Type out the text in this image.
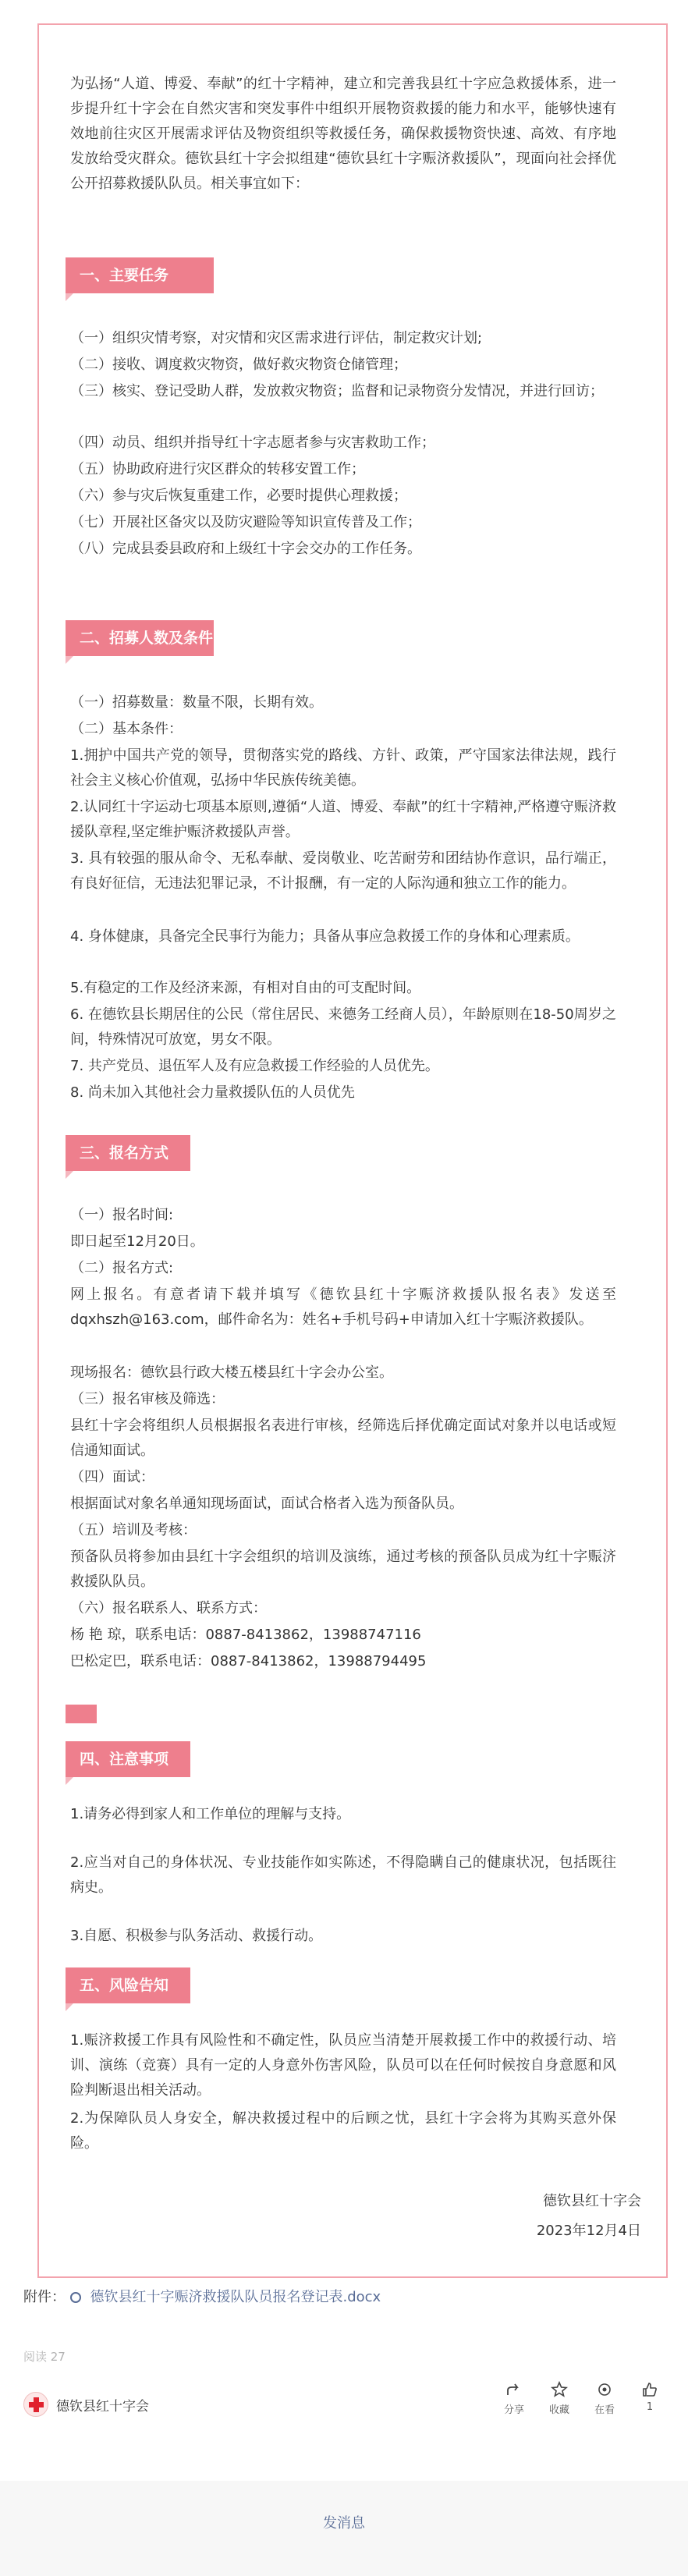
为弘扬“人道、博爱、奉献”的红十字精神，建立和完善我县红十字应急救援体系，进一步提升红十字会在自然灾害和突发事件中组织开展物资救援的能力和水平，能够快速有效地前往灾区开展需求评估及物资组织等救援任务，确保救援物资快速、高效、有序地发放给受灾群众。德钦县红十字会拟组建“德钦县红十字赈济救援队”，现面向社会择优公开招募救援队队员。相关事宜如下：

一、主要任务

（一）组织灾情考察，对灾情和灾区需求进行评估，制定救灾计划;

（二）接收、调度救灾物资，做好救灾物资仓储管理；

（三）核实、登记受助人群，发放救灾物资；监督和记录物资分发情况，并进行回访；

（四）动员、组织并指导红十字志愿者参与灾害救助工作；

（五）协助政府进行灾区群众的转移安置工作；

（六）参与灾后恢复重建工作，必要时提供心理救援；

（七）开展社区备灾以及防灾避险等知识宣传普及工作；

（八）完成县委县政府和上级红十字会交办的工作任务。

二、招募人数及条件

（一）招募数量：数量不限，长期有效。

（二）基本条件：

1.拥护中国共产党的领导，贯彻落实党的路线、方针、政策，严守国家法律法规，践行社会主义核心价值观，弘扬中华民族传统美德。

2.认同红十字运动七项基本原则,遵循“人道、博爱、奉献”的红十字精神,严格遵守赈济救援队章程,坚定维护赈济救援队声誉。

3. 具有较强的服从命令、无私奉献、爱岗敬业、吃苦耐劳和团结协作意识，品行端正，有良好征信，无违法犯罪记录，不计报酬，有一定的人际沟通和独立工作的能力。

4. 身体健康，具备完全民事行为能力；具备从事应急救援工作的身体和心理素质。

5.有稳定的工作及经济来源，有相对自由的可支配时间。

6. 在德钦县长期居住的公民（常住居民、来德务工经商人员），年龄原则在18-50周岁之间，特殊情况可放宽，男女不限。

7. 共产党员、退伍军人及有应急救援工作经验的人员优先。

8. 尚未加入其他社会力量救援队伍的人员优先

三、报名方式

（一）报名时间:

即日起至12月20日。

（二）报名方式:

网上报名。有意者请下载并填写《德钦县红十字赈济救援队报名表》发送至dqxhszh@163.com，邮件命名为：姓名+手机号码+申请加入红十字赈济救援队。

现场报名：德钦县行政大楼五楼县红十字会办公室。

（三）报名审核及筛选：

县红十字会将组织人员根据报名表进行审核，经筛选后择优确定面试对象并以电话或短信通知面试。

（四）面试：

根据面试对象名单通知现场面试，面试合格者入选为预备队员。

（五）培训及考核：

预备队员将参加由县红十字会组织的培训及演练，通过考核的预备队员成为红十字赈济救援队队员。

（六）报名联系人、联系方式：

杨 艳 琼，联系电话：0887-8413862，13988747116

巴松定巴，联系电话：0887-8413862，13988794495

四、注意事项

1.请务必得到家人和工作单位的理解与支持。

2.应当对自己的身体状况、专业技能作如实陈述，不得隐瞒自己的健康状况，包括既往病史。

3.自愿、积极参与队务活动、救援行动。

五、风险告知

1.赈济救援工作具有风险性和不确定性，队员应当清楚开展救援工作中的救援行动、培训、演练（竞赛）具有一定的人身意外伤害风险，队员可以在任何时候按自身意愿和风险判断退出相关活动。

2.为保障队员人身安全，解决救援过程中的后顾之忧，县红十字会将为其购买意外保险。

德钦县红十字会
2023年12月4日
附件： 德钦县红十字赈济救援队队员报名登记表.docx
阅读 27
德钦县红十字会	分享	收藏	在看	1
发消息
